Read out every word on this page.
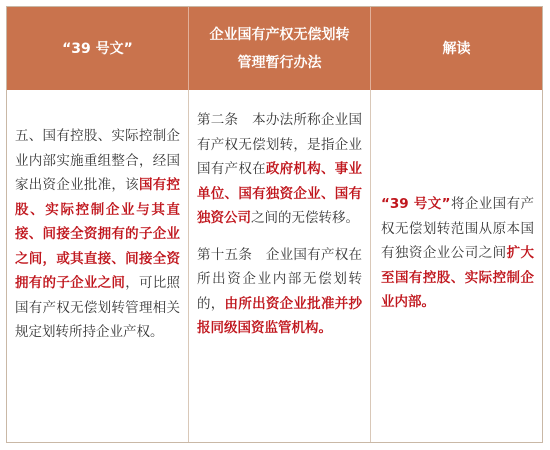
“39 号文”
企业国有产权无偿划转管理暂行办法
解读
五、国有控股、实际控制企业内部实施重组整合，经国家出资企业批准，该国有控股、实际控制企业与其直接、间接全资拥有的子企业之间，或其直接、间接全资拥有的子企业之间，可比照国有产权无偿划转管理相关规定划转所持企业产权。

第二条　本办法所称企业国有产权无偿划转，是指企业国有产权在政府机构、事业单位、国有独资企业、国有独资公司之间的无偿转移。

第十五条　企业国有产权在所出资企业内部无偿划转的，由所出资企业批准并抄报同级国资监管机构。

“39 号文”将企业国有产权无偿划转范围从原本国有独资企业公司之间扩大至国有控股、实际控制企业内部。
